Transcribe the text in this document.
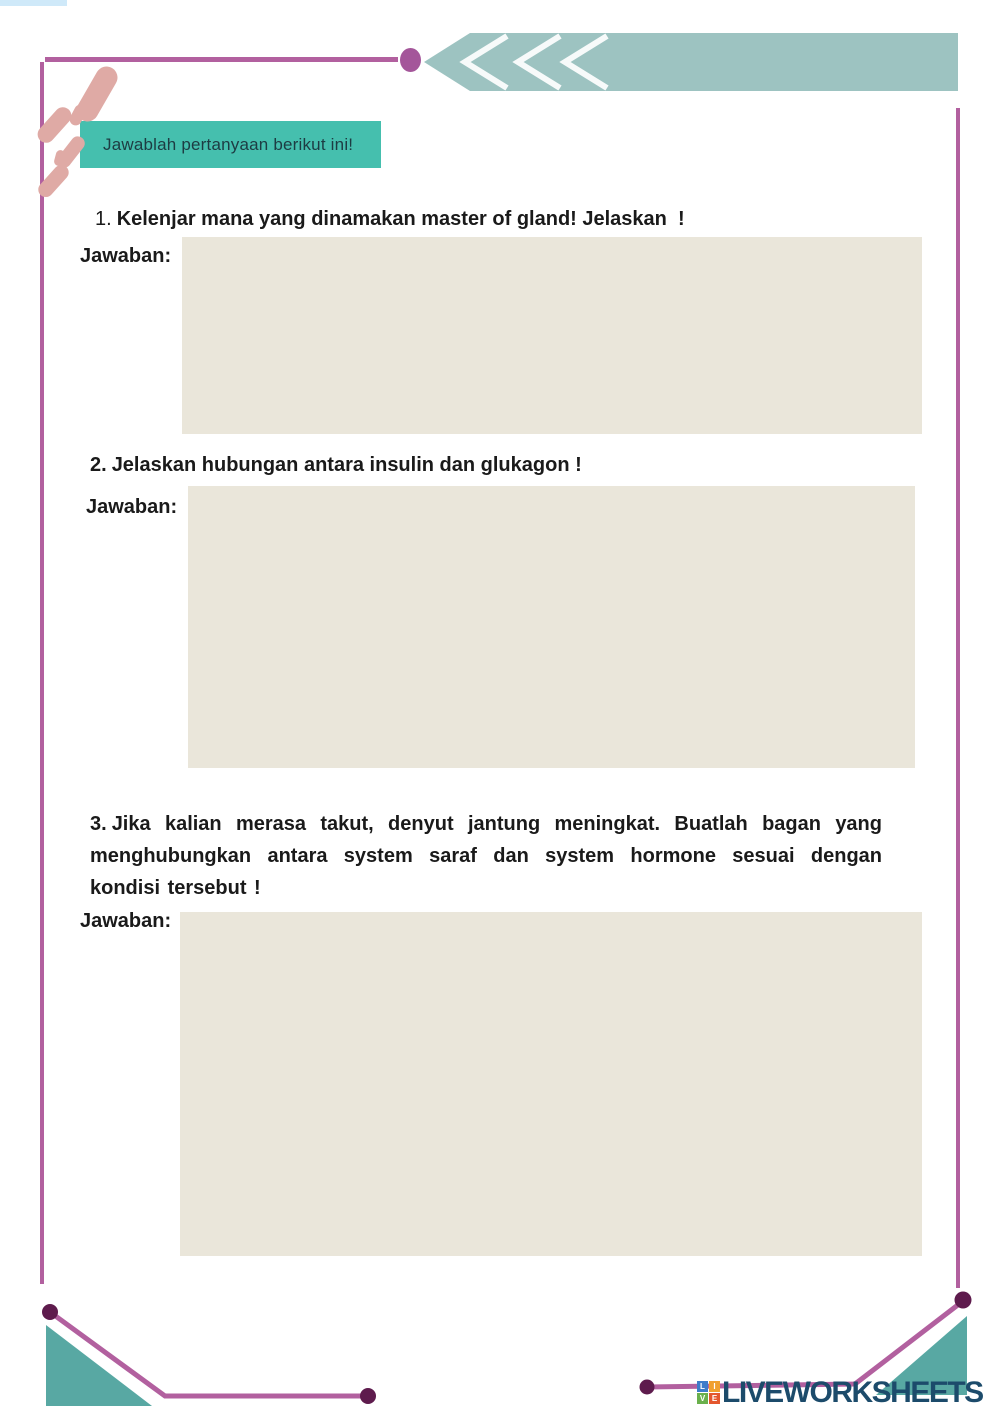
Jawablah pertanyaan berikut ini!
1. Kelenjar mana yang dinamakan master of gland! Jelaskan  !
Jawaban:
2. Jelaskan hubungan antara insulin dan glukagon !
Jawaban:
3. Jika kalian merasa takut, denyut jantung meningkat. Buatlah bagan yang menghubungkan antara system saraf dan system hormone sesuai dengan kondisi tersebut !
Jawaban:
L	I
V E LIVEWORKSHEETS
